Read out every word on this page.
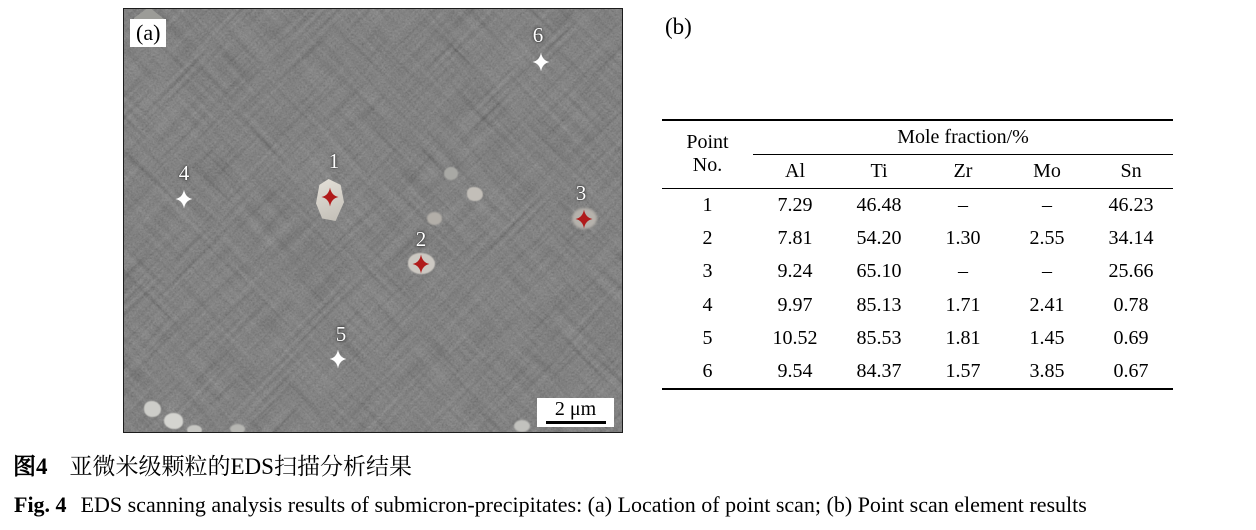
(a)
1
2
3
4
5
6
2 μm
(b)
Point
No.	Mole fraction/%				
	Al	Ti	Zr	Mo	Sn
1	7.29	46.48	–	–	46.23
2	7.81	54.20	1.30	2.55	34.14
3	9.24	65.10	–	–	25.66
4	9.97	85.13	1.71	2.41	0.78
5	10.52	85.53	1.81	1.45	0.69
6	9.54	84.37	1.57	3.85	0.67
图4 亚微米级颗粒的EDS扫描分析结果
Fig. 4 EDS scanning analysis results of submicron-precipitates: (a) Location of point scan; (b) Point scan element results
